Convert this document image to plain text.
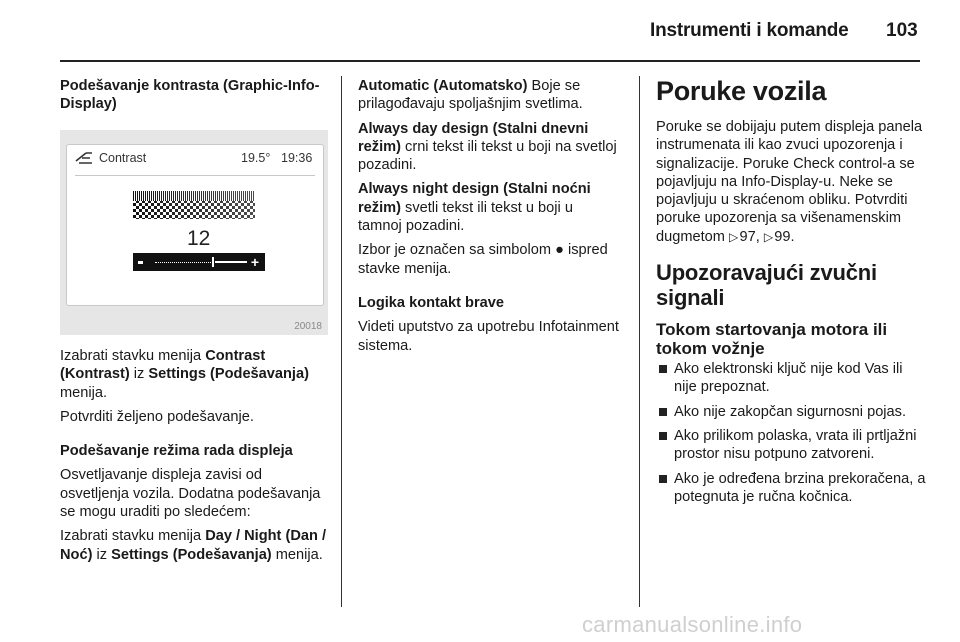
Instrumenti i komande 103

Podešavanje kontrasta (Graphic-Info-Display)

Contrast	19.5° 19:36
12
+
20018

Izabrati stavku menija Contrast (Kontrast) iz Settings (Podešavanja) menija.

Potvrditi željeno podešavanje.

Podešavanje režima rada displeja

Osvetljavanje displeja zavisi od osvetljenja vozila. Dodatna podešavanja se mogu uraditi po sledećem:

Izabrati stavku menija Day / Night (Dan / Noć) iz Settings (Podešavanja) menija.

Automatic (Automatsko) Boje se prilagođavaju spoljašnjim svetlima.

Always day design (Stalni dnevni režim) crni tekst ili tekst u boji na svetloj pozadini.

Always night design (Stalni noćni režim) svetli tekst ili tekst u boji u tamnoj pozadini.

Izbor je označen sa simbolom ● ispred stavke menija.

Logika kontakt brave

Videti uputstvo za upotrebu Infotainment sistema.

Poruke vozila

Poruke se dobijaju putem displeja panela instrumenata ili kao zvuci upozorenja i signalizacije. Poruke Check control-a se pojavljuju na Info-Display-u. Neke se pojavljuju u skraćenom obliku. Potvrditi poruke upozorenja sa višenamenskim dugmetom ▷ 97, ▷ 99.

Upozoravajući zvučni signali
Tokom startovanja motora ili tokom vožnje
Ako elektronski ključ nije kod Vas ili nije prepoznat.
Ako nije zakopčan sigurnosni pojas.
Ako prilikom polaska, vrata ili prtljažni prostor nisu potpuno zatvoreni.
Ako je određena brzina prekoračena, a potegnuta je ručna kočnica.
carmanualsonline.info
